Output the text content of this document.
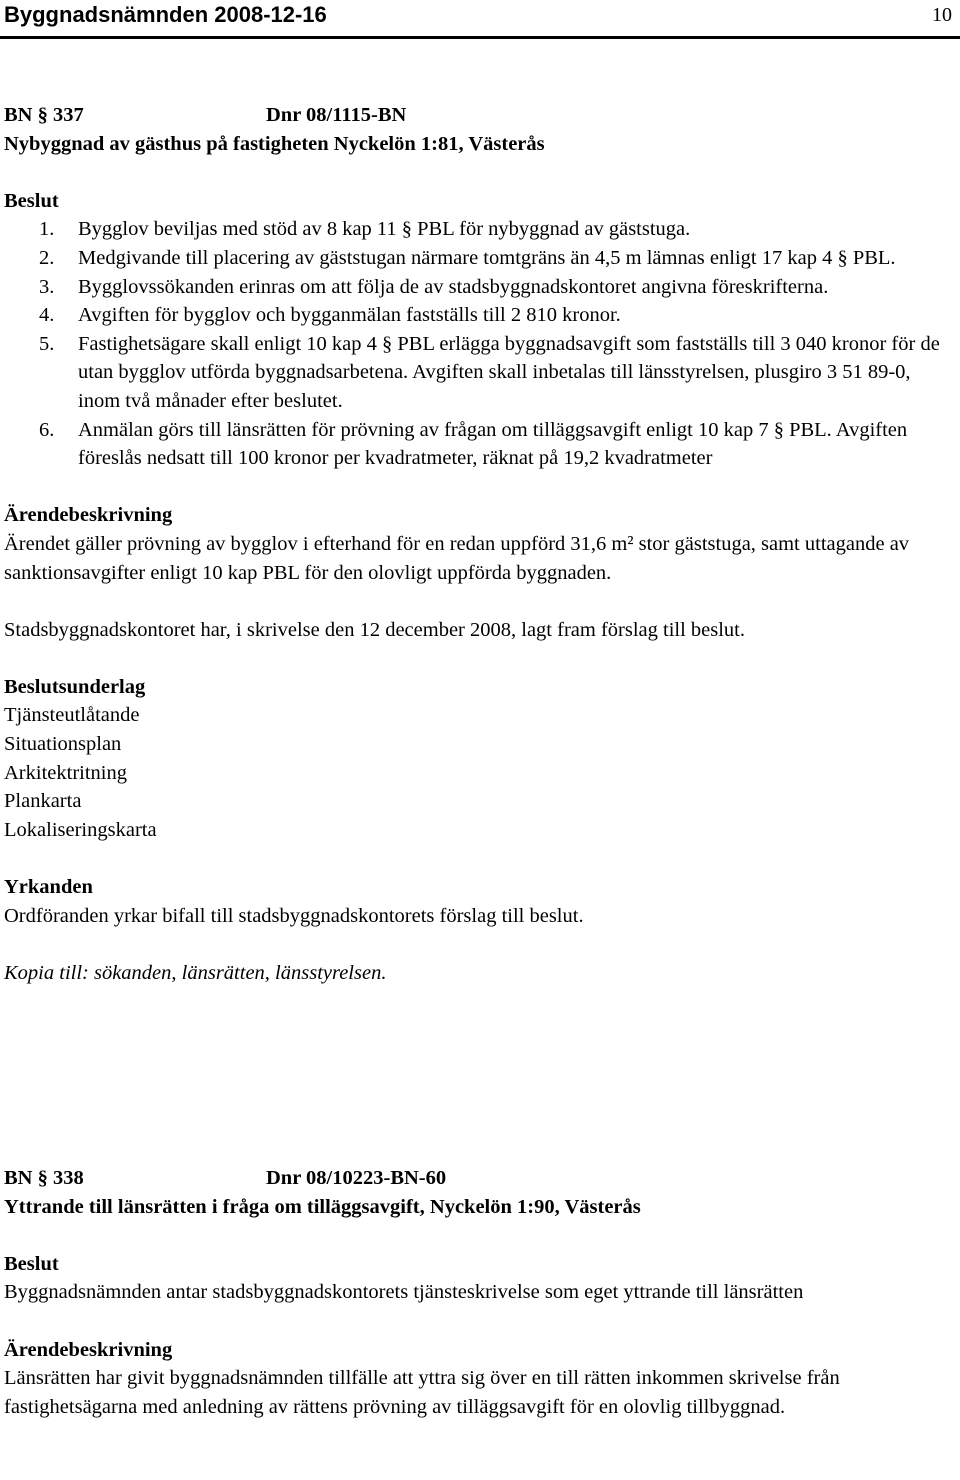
Byggnadsnämnden 2008-12-16	10
BN § 337	Dnr 08/1115-BN

Nybyggnad av gästhus på fastigheten Nyckelön 1:81, Västerås

Beslut

1. Bygglov beviljas med stöd av 8 kap 11 § PBL för nybyggnad av gäststuga.
2. Medgivande till placering av gäststugan närmare tomtgräns än 4,5 m lämnas enligt 17 kap 4 § PBL.
3. Bygglovssökanden erinras om att följa de av stadsbyggnadskontoret angivna föreskrifterna.
4. Avgiften för bygglov och bygganmälan fastställs till 2 810 kronor.
5. Fastighetsägare skall enligt 10 kap 4 § PBL erlägga byggnadsavgift som fastställs till 3 040 kronor för de utan bygglov utförda byggnadsarbetena. Avgiften skall inbetalas till länsstyrelsen, plusgiro 3 51 89-0, inom två månader efter beslutet.
6. Anmälan görs till länsrätten för prövning av frågan om tilläggsavgift enligt 10 kap 7 § PBL. Avgiften föreslås nedsatt till 100 kronor per kvadratmeter, räknat på 19,2 kvadratmeter

Ärendebeskrivning

Ärendet gäller prövning av bygglov i efterhand för en redan uppförd 31,6 m² stor gäststuga, samt uttagande av sanktionsavgifter enligt 10 kap PBL för den olovligt uppförda byggnaden.

Stadsbyggnadskontoret har, i skrivelse den 12 december 2008, lagt fram förslag till beslut.

Beslutsunderlag

Tjänsteutlåtande

Situationsplan

Arkitektritning

Plankarta

Lokaliseringskarta

Yrkanden

Ordföranden yrkar bifall till stadsbyggnadskontorets förslag till beslut.

Kopia till: sökanden, länsrätten, länsstyrelsen.

BN § 338	Dnr 08/10223-BN-60

Yttrande till länsrätten i fråga om tilläggsavgift, Nyckelön 1:90, Västerås

Beslut

Byggnadsnämnden antar stadsbyggnadskontorets tjänsteskrivelse som eget yttrande till länsrätten

Ärendebeskrivning

Länsrätten har givit byggnadsnämnden tillfälle att yttra sig över en till rätten inkommen skrivelse från fastighetsägarna med anledning av rättens prövning av tilläggsavgift för en olovlig tillbyggnad.
